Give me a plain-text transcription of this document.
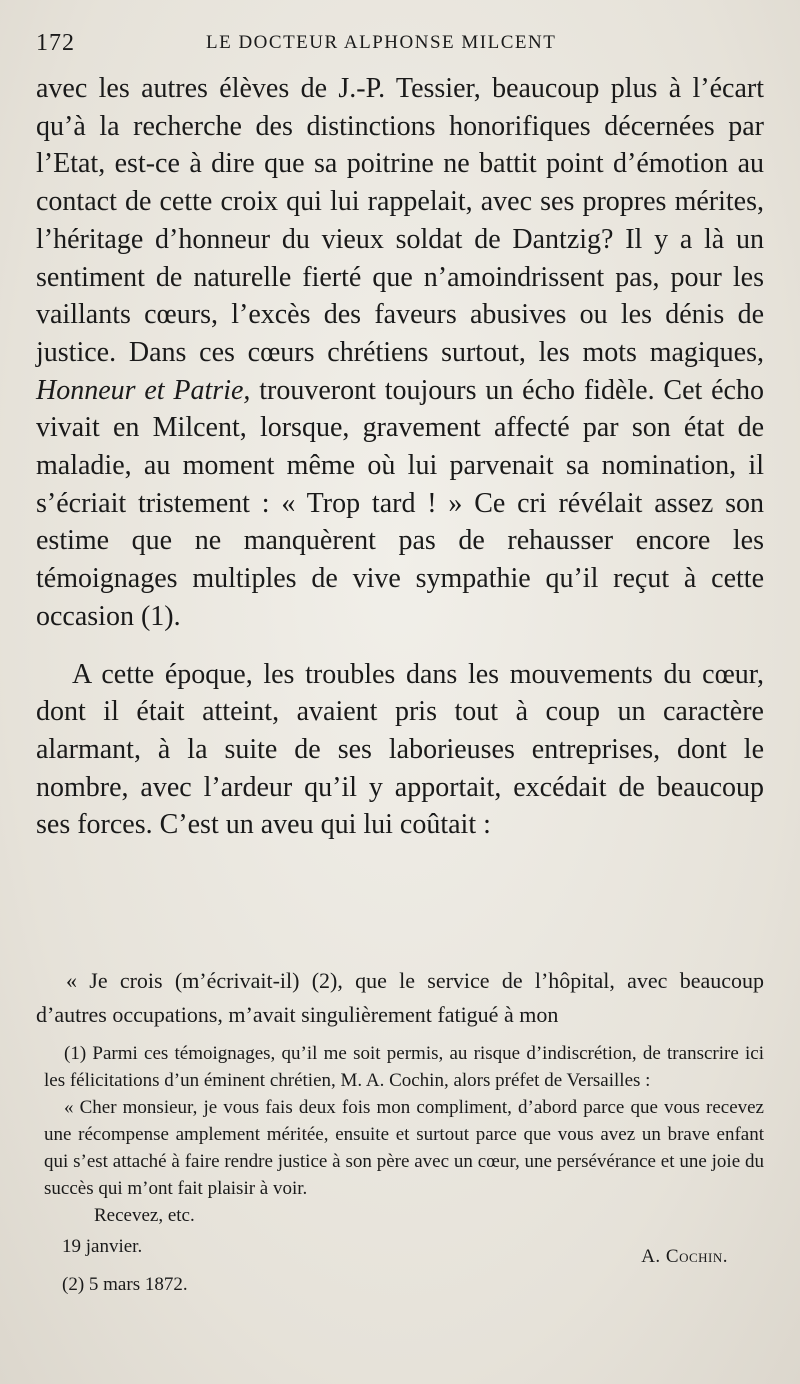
172	LE DOCTEUR ALPHONSE MILCENT

avec les autres élèves de J.-P. Tessier, beaucoup plus à l’écart qu’à la recherche des distinctions honorifiques décernées par l’Etat, est-ce à dire que sa poitrine ne battit point d’émotion au contact de cette croix qui lui rappelait, avec ses propres mérites, l’héritage d’honneur du vieux soldat de Dantzig? Il y a là un sentiment de naturelle fierté que n’amoindrissent pas, pour les vaillants cœurs, l’excès des faveurs abusives ou les dénis de justice. Dans ces cœurs chrétiens surtout, les mots magiques, Honneur et Patrie, trouveront toujours un écho fidèle. Cet écho vivait en Milcent, lorsque, gravement affecté par son état de maladie, au moment même où lui parvenait sa nomination, il s’écriait tristement : « Trop tard ! » Ce cri révélait assez son estime que ne manquèrent pas de rehausser encore les témoignages multiples de vive sympathie qu’il reçut à cette occasion (1).

A cette époque, les troubles dans les mouvements du cœur, dont il était atteint, avaient pris tout à coup un caractère alarmant, à la suite de ses laborieuses entreprises, dont le nombre, avec l’ardeur qu’il y apportait, excédait de beaucoup ses forces. C’est un aveu qui lui coûtait :

« Je crois (m’écrivait-il) (2), que le service de l’hôpital, avec beaucoup d’autres occupations, m’avait singulièrement fatigué à mon

(1) Parmi ces témoignages, qu’il me soit permis, au risque d’indiscrétion, de transcrire ici les félicitations d’un éminent chrétien, M. A. Cochin, alors préfet de Versailles :

« Cher monsieur, je vous fais deux fois mon compliment, d’abord parce que vous recevez une récompense amplement méritée, ensuite et surtout parce que vous avez un brave enfant qui s’est attaché à faire rendre justice à son père avec un cœur, une persévérance et une joie du succès qui m’ont fait plaisir à voir.

Recevez, etc.

19 janvier.	A. Cochin.

(2) 5 mars 1872.
